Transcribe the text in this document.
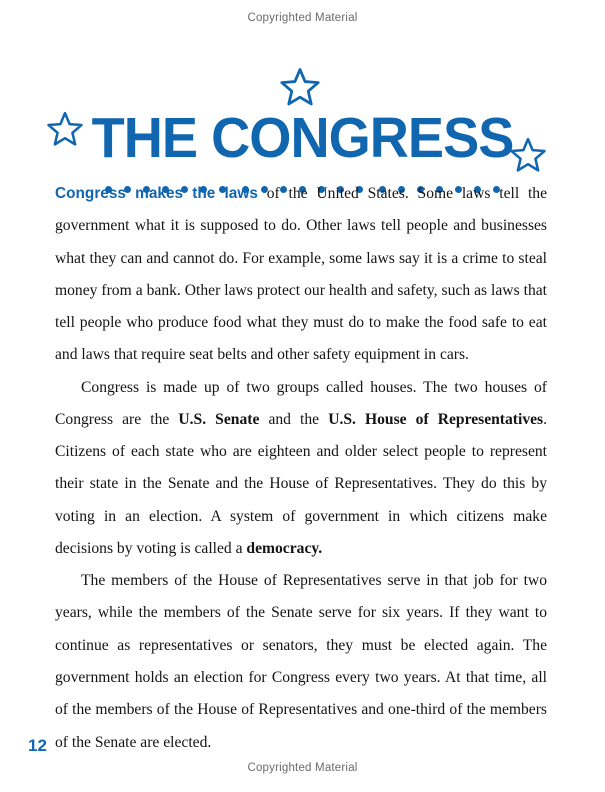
Copyrighted Material
THE CONGRESS

Congress makes the laws of the United States. Some laws tell the government what it is supposed to do. Other laws tell people and businesses what they can and cannot do. For example, some laws say it is a crime to steal money from a bank. Other laws protect our health and safety, such as laws that tell people who produce food what they must do to make the food safe to eat and laws that require seat belts and other safety equipment in cars.

Congress is made up of two groups called houses. The two houses of Congress are the U.S. Senate and the U.S. House of Representatives. Citizens of each state who are eighteen and older select people to represent their state in the Senate and the House of Representatives. They do this by voting in an election. A system of government in which citizens make decisions by voting is called a democracy.

The members of the House of Representatives serve in that job for two years, while the members of the Senate serve for six years. If they want to continue as representatives or senators, they must be elected again. The government holds an election for Congress every two years. At that time, all of the members of the House of Representatives and one-third of the members of the Senate are elected.

12
Copyrighted Material
